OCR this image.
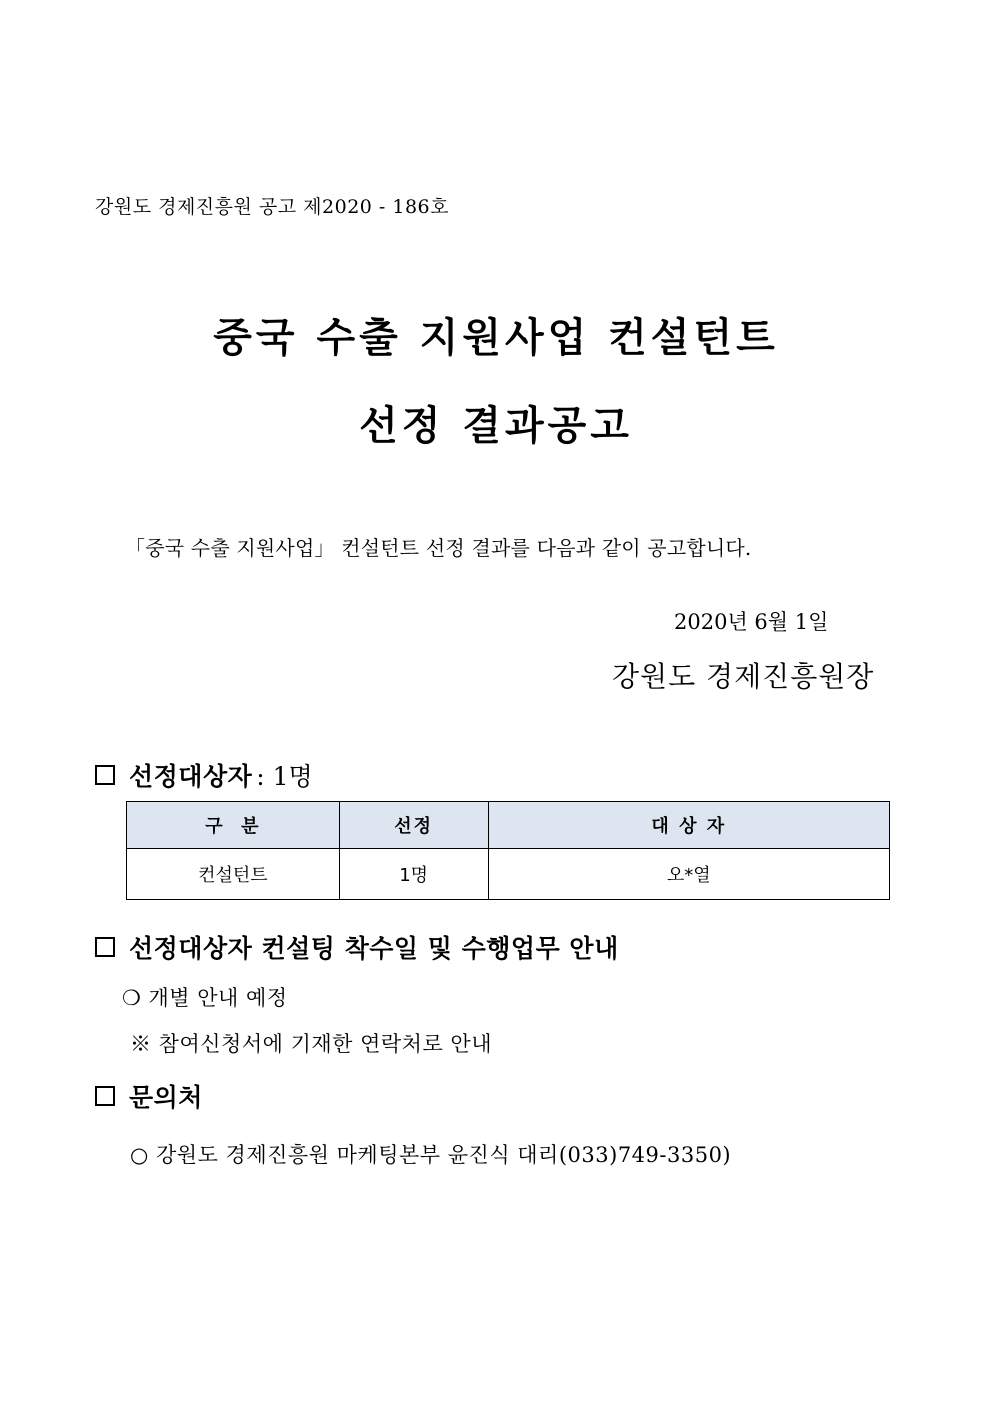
강원도 경제진흥원 공고 제2020 - 186호
중국 수출 지원사업 컨설턴트
선정 결과공고
「중국 수출 지원사업」 컨설턴트 선정 결과를 다음과 같이 공고합니다.
2020년 6월 1일
강원도 경제진흥원장
선정대상자 : 1명
구  분	선정	대 상 자
컨설턴트	1명	오*열
선정대상자 컨설팅 착수일 및 수행업무 안내
❍ 개별 안내 예정
※ 참여신청서에 기재한 연락처로 안내
문의처
○ 강원도 경제진흥원 마케팅본부 윤진식 대리(033)749-3350)
